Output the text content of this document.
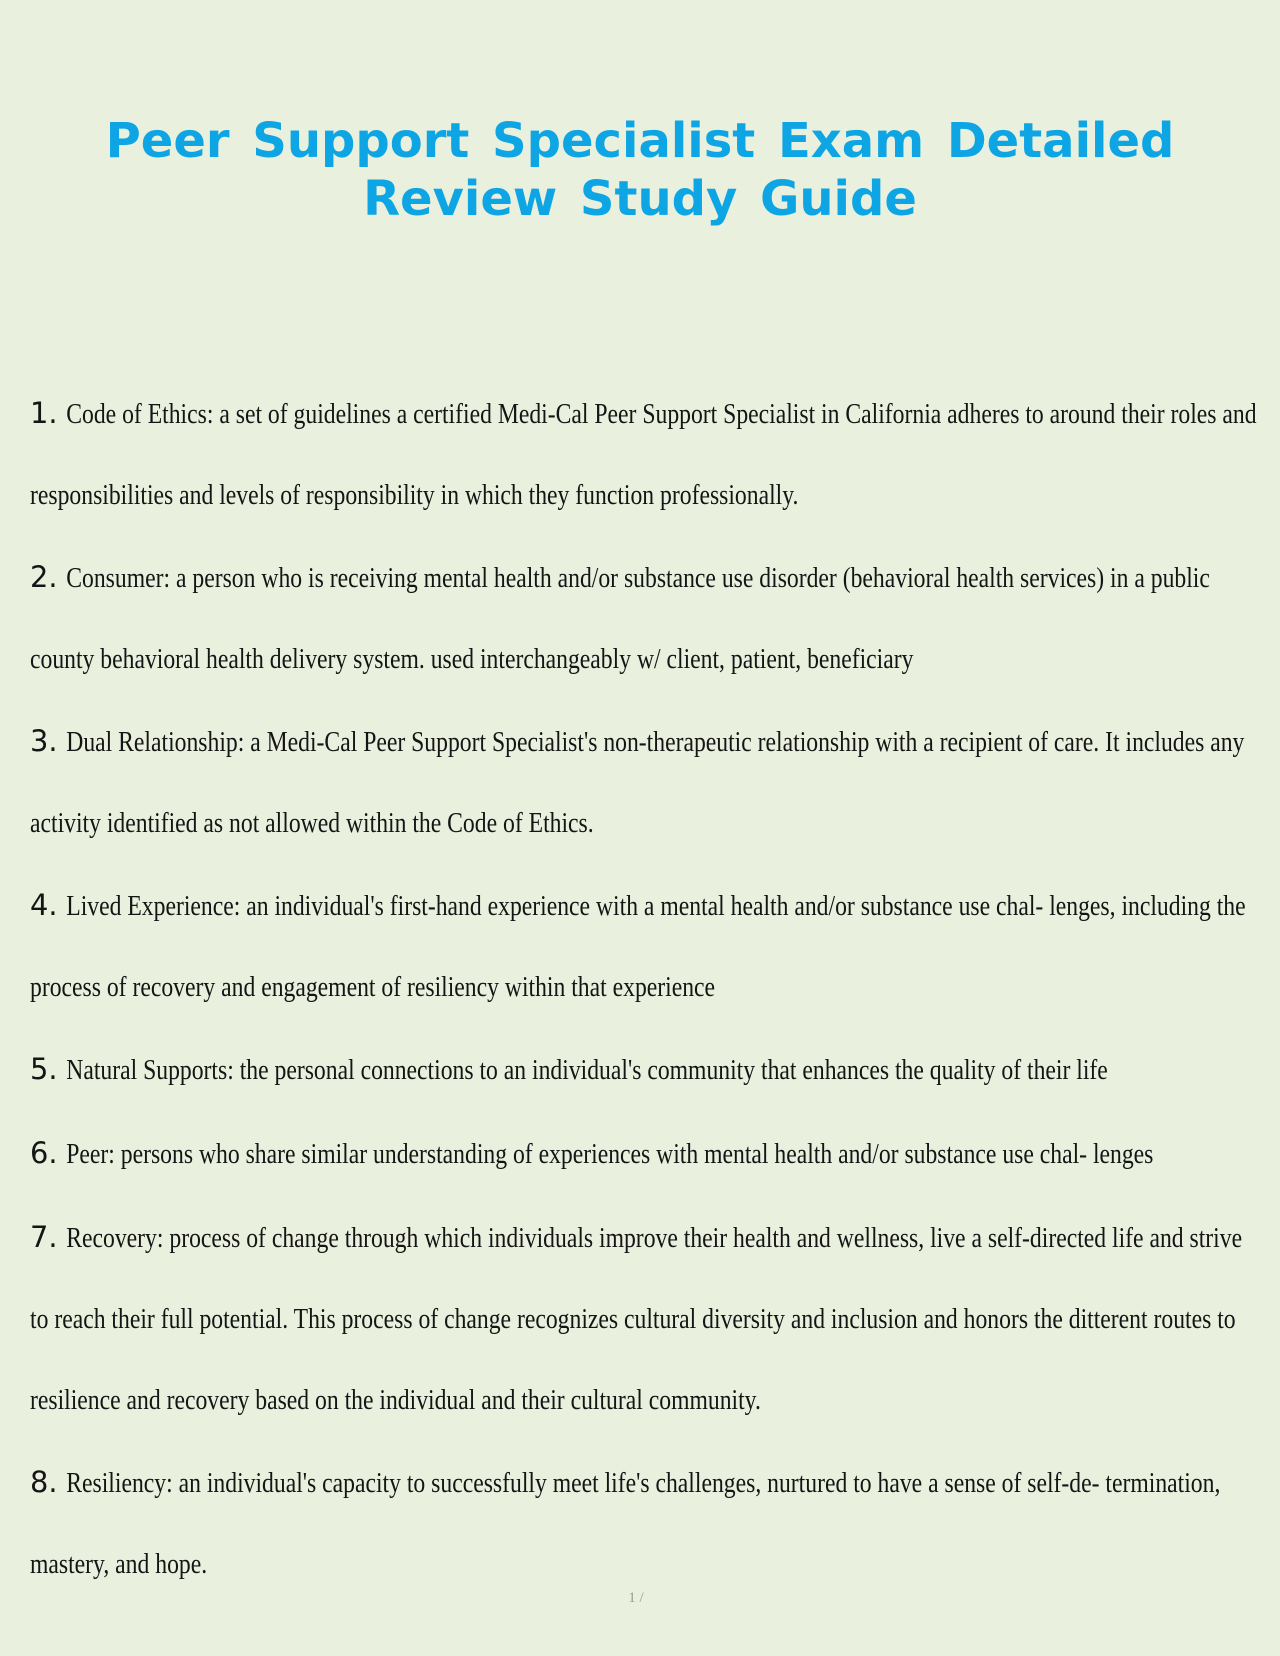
Peer Support Specialist Exam Detailed Review Study Guide
1. Code of Ethics: a set of guidelines a certified Medi-Cal Peer Support Specialist in California adheres to around their roles and responsibilities and levels of responsibility in which they function professionally.
2. Consumer: a person who is receiving mental health and/or substance use disorder (behavioral health services) in a public county behavioral health delivery system. used interchangeably w/ client, patient, beneficiary
3. Dual Relationship: a Medi-Cal Peer Support Specialist's non-therapeutic relationship with a recipient of care. It includes any activity identified as not allowed within the Code of Ethics.
4. Lived Experience: an individual's first-hand experience with a mental health and/or substance use chal- lenges, including the process of recovery and engagement of resiliency within that experience
5. Natural Supports: the personal connections to an individual's community that enhances the quality of their life
6. Peer: persons who share similar understanding of experiences with mental health and/or substance use chal- lenges
7. Recovery: process of change through which individuals improve their health and wellness, live a self-directed life and strive to reach their full potential. This process of change recognizes cultural diversity and inclusion and honors the ditterent routes to resilience and recovery based on the individual and their cultural community.
8. Resiliency: an individual's capacity to successfully meet life's challenges, nurtured to have a sense of self-de- termination, mastery, and hope.
1 /
